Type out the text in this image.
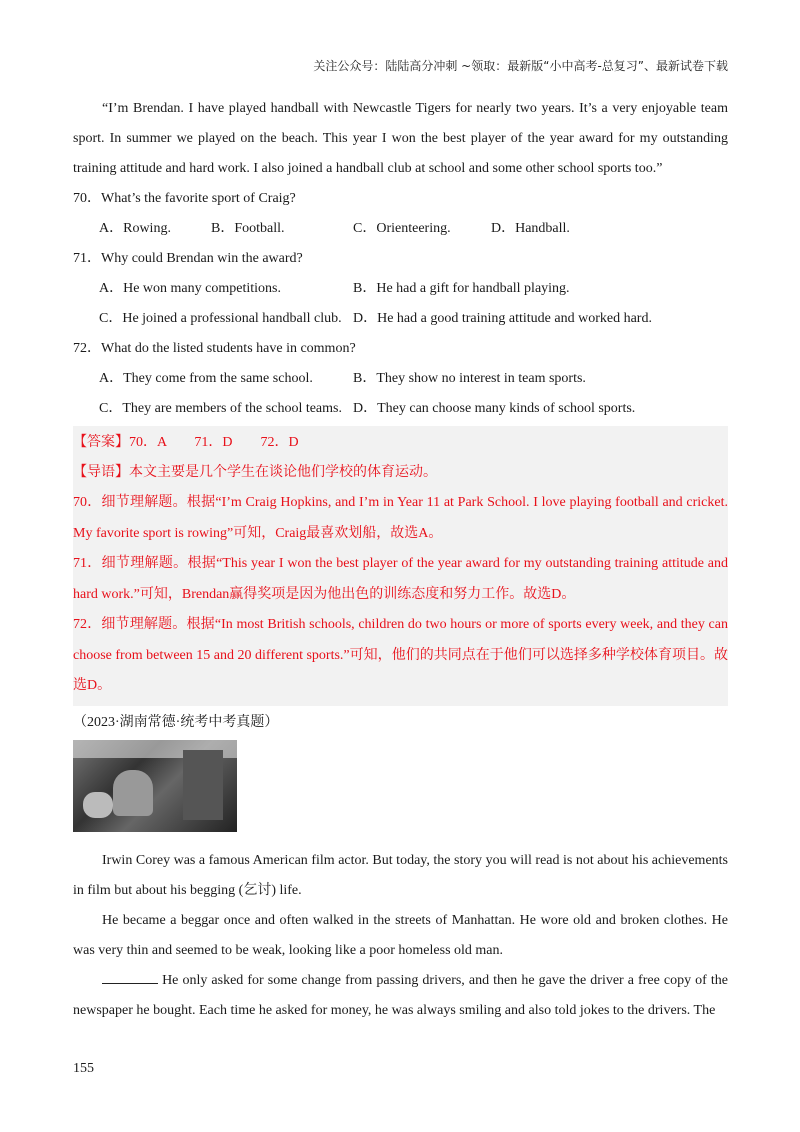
关注公众号：陆陆高分冲刺 ~领取：最新版“小中高考-总复习”、最新试卷下载
“I’m Brendan. I have played handball with Newcastle Tigers for nearly two years. It’s a very enjoyable team sport. In summer we played on the beach. This year I won the best player of the year award for my outstanding training attitude and hard work. I also joined a handball club at school and some other school sports too.”
70．What’s the favorite sport of Craig?
A．Rowing.	B．Football.	C．Orienteering.	D．Handball.
71．Why could Brendan win the award?
A．He won many competitions.	B．He had a gift for handball playing.
C．He joined a professional handball club. D．He had a good training attitude and worked hard.
72．What do the listed students have in common?
A．They come from the same school.	B．They show no interest in team sports.
C．They are members of the school teams. D．They can choose many kinds of school sports.
【答案】70．A　　71．D　　72．D
【导语】本文主要是几个学生在谈论他们学校的体育运动。
70．细节理解题。根据“I’m Craig Hopkins, and I’m in Year 11 at Park School. I love playing football and cricket. My favorite sport is rowing”可知，Craig最喜欢划船，故选A。
71．细节理解题。根据“This year I won the best player of the year award for my outstanding training attitude and hard work.”可知，Brendan赢得奖项是因为他出色的训练态度和努力工作。故选D。
72．细节理解题。根据“In most British schools, children do two hours or more of sports every week, and they can choose from between 15 and 20 different sports.”可知，他们的共同点在于他们可以选择多种学校体育项目。故选D。
（2023·湖南常德·统考中考真题）
Irwin Corey was a famous American film actor. But today, the story you will read is not about his achievements in film but about his begging (乞讨) life.
He became a beggar once and often walked in the streets of Manhattan. He wore old and broken clothes. He was very thin and seemed to be weak, looking like a poor homeless old man.
He only asked for some change from passing drivers, and then he gave the driver a free copy of the newspaper he bought. Each time he asked for money, he was always smiling and also told jokes to the drivers. The
155
